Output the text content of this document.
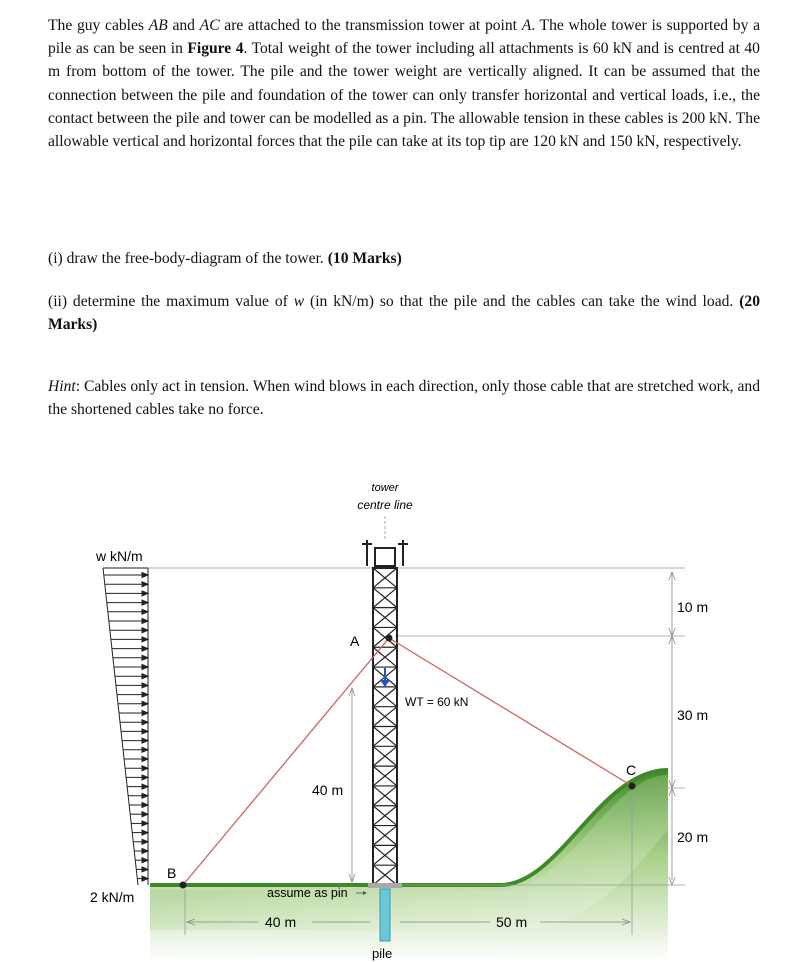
The guy cables AB and AC are attached to the transmission tower at point A. The whole tower is supported by a pile as can be seen in Figure 4. Total weight of the tower including all attachments is 60 kN and is centred at 40 m from bottom of the tower. The pile and the tower weight are vertically aligned. It can be assumed that the connection between the pile and foundation of the tower can only transfer horizontal and vertical loads, i.e., the contact between the pile and tower can be modelled as a pin. The allowable tension in these cables is 200 kN. The allowable vertical and horizontal forces that the pile can take at its top tip are 120 kN and 150 kN, respectively.

(i) draw the free-body-diagram of the tower. (10 Marks)

(ii) determine the maximum value of w (in kN/m) so that the pile and the cables can take the wind load. (20 Marks)

Hint: Cables only act in tension. When wind blows in each direction, only those cable that are stretched work, and the shortened cables take no force.

w kN/m
2 kN/m
tower
centre line
A
B
C
WT = 60 kN
40 m
10 m
30 m
20 m
pile
assume as pin
40 m	50 m
